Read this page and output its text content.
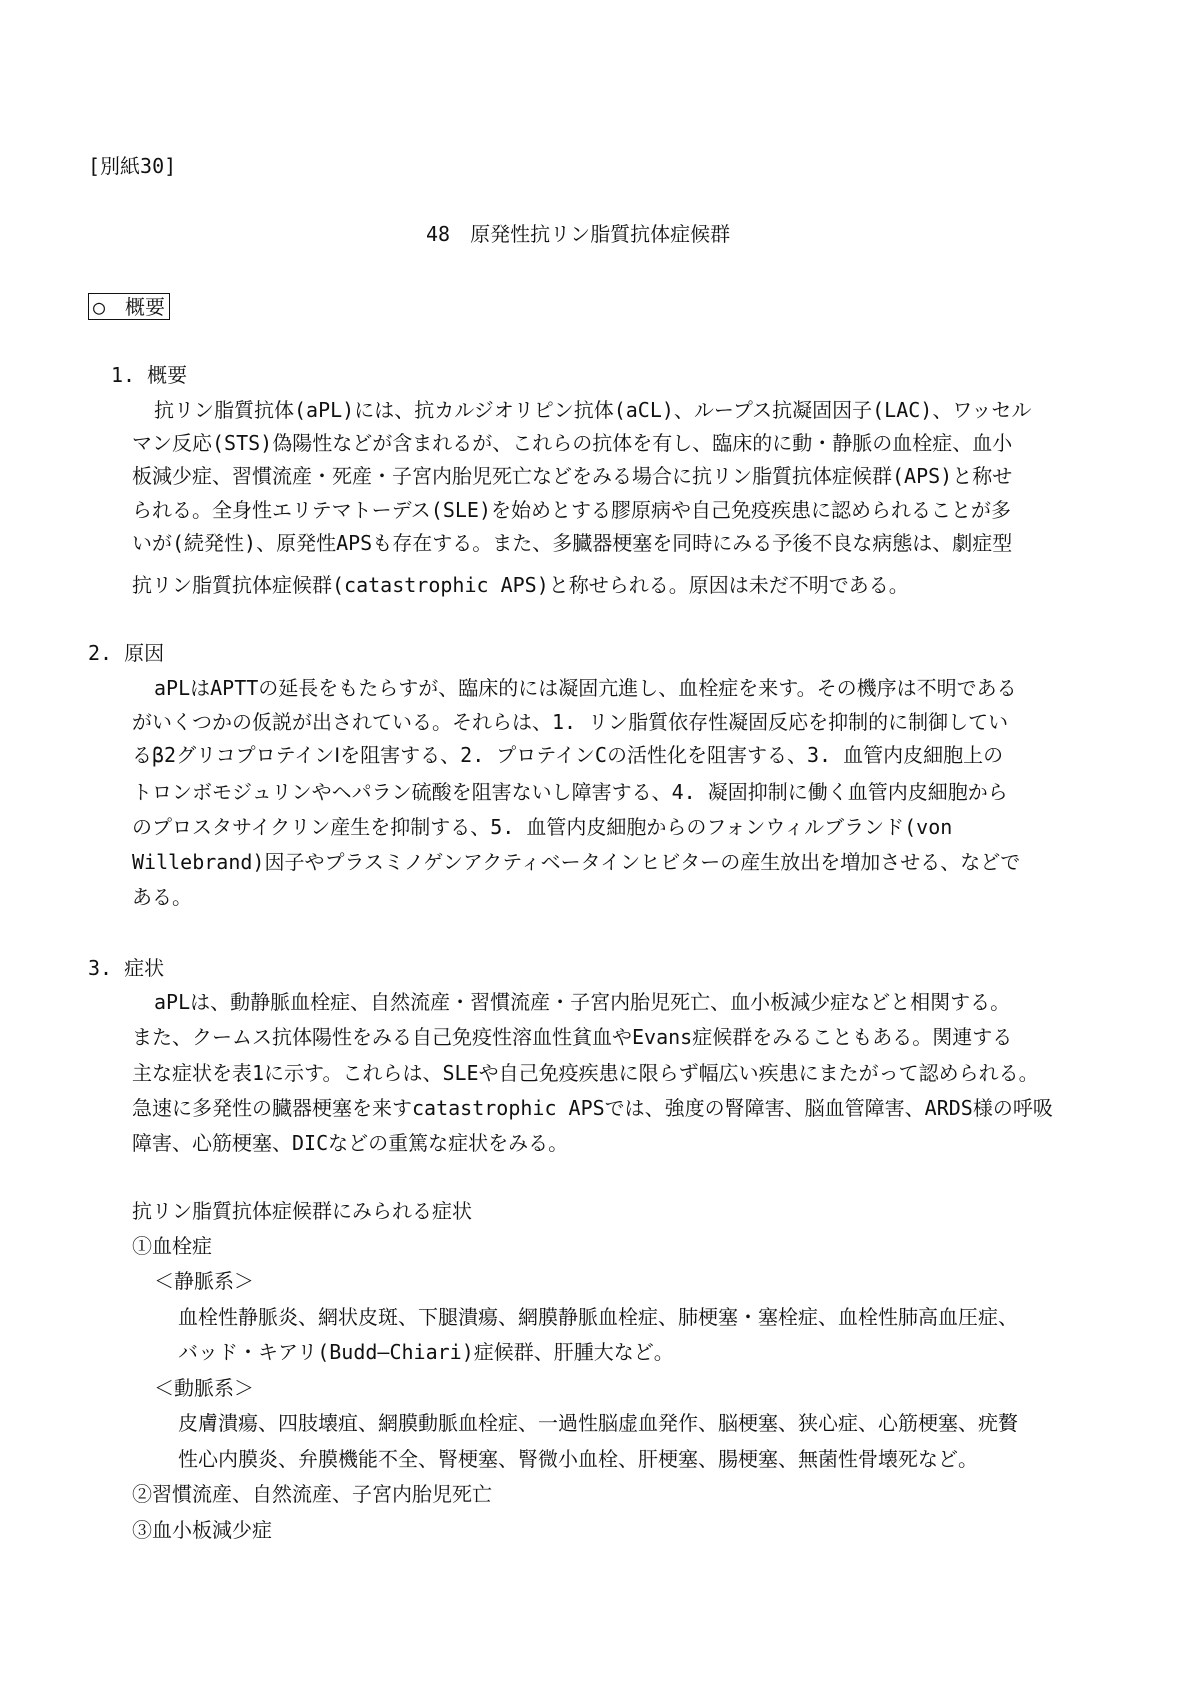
[別紙30]
48　原発性抗リン脂質抗体症候群
○　概要
1. 概要
抗リン脂質抗体(aPL)には、抗カルジオリピン抗体(aCL)、ループス抗凝固因子(LAC)、ワッセル
マン反応(STS)偽陽性などが含まれるが、これらの抗体を有し、臨床的に動・静脈の血栓症、血小
板減少症、習慣流産・死産・子宮内胎児死亡などをみる場合に抗リン脂質抗体症候群(APS)と称せ
られる。全身性エリテマトーデス(SLE)を始めとする膠原病や自己免疫疾患に認められることが多
いが(続発性)、原発性APSも存在する。また、多臓器梗塞を同時にみる予後不良な病態は、劇症型
抗リン脂質抗体症候群(catastrophic APS)と称せられる。原因は未だ不明である。
2. 原因
aPLはAPTTの延長をもたらすが、臨床的には凝固亢進し、血栓症を来す。その機序は不明である
がいくつかの仮説が出されている。それらは、1. リン脂質依存性凝固反応を抑制的に制御してい
るβ2グリコプロテインⅠを阻害する、2. プロテインCの活性化を阻害する、3. 血管内皮細胞上の
トロンボモジュリンやヘパラン硫酸を阻害ないし障害する、4. 凝固抑制に働く血管内皮細胞から
のプロスタサイクリン産生を抑制する、5. 血管内皮細胞からのフォンウィルブランド(von
Willebrand)因子やプラスミノゲンアクティベータインヒビターの産生放出を増加させる、などで
ある。
3. 症状
aPLは、動静脈血栓症、自然流産・習慣流産・子宮内胎児死亡、血小板減少症などと相関する。
また、クームス抗体陽性をみる自己免疫性溶血性貧血やEvans症候群をみることもある。関連する
主な症状を表1に示す。これらは、SLEや自己免疫疾患に限らず幅広い疾患にまたがって認められる。
急速に多発性の臓器梗塞を来すcatastrophic APSでは、強度の腎障害、脳血管障害、ARDS様の呼吸
障害、心筋梗塞、DICなどの重篤な症状をみる。
抗リン脂質抗体症候群にみられる症状
①血栓症
＜静脈系＞
血栓性静脈炎、網状皮斑、下腿潰瘍、網膜静脈血栓症、肺梗塞・塞栓症、血栓性肺高血圧症、
バッド・キアリ(Budd―Chiari)症候群、肝腫大など。
＜動脈系＞
皮膚潰瘍、四肢壊疽、網膜動脈血栓症、一過性脳虚血発作、脳梗塞、狭心症、心筋梗塞、疣贅
性心内膜炎、弁膜機能不全、腎梗塞、腎微小血栓、肝梗塞、腸梗塞、無菌性骨壊死など。
②習慣流産、自然流産、子宮内胎児死亡
③血小板減少症
